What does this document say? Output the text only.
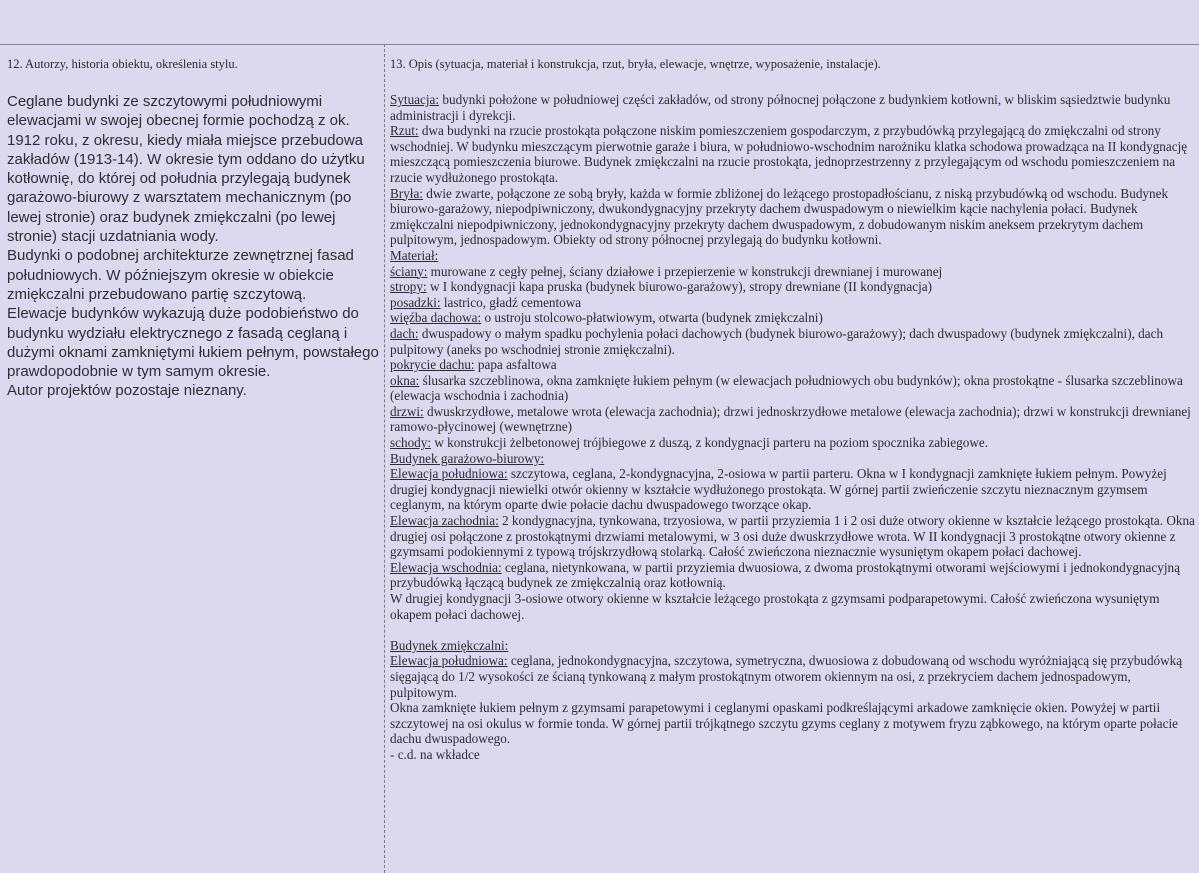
12. Autorzy, historia obiektu, określenia stylu.

Ceglane budynki ze szczytowymi południowymi elewacjami w swojej obecnej formie pochodzą z ok. 1912 roku, z okresu, kiedy miała miejsce przebudowa zakładów (1913-14). W okresie tym oddano do użytku kotłownię, do której od południa przylegają budynek garażowo-biurowy z warsztatem mechanicznym (po lewej stronie) oraz budynek zmiękczalni (po lewej stronie) stacji uzdatniania wody.

Budynki o podobnej architekturze zewnętrznej fasad południowych. W późniejszym okresie w obiekcie zmiękczalni przebudowano partię szczytową.

Elewacje budynków wykazują duże podobieństwo do budynku wydziału elektrycznego z fasadą ceglaną i dużymi oknami zamkniętymi łukiem pełnym, powstałego prawdopodobnie w tym samym okresie.

Autor projektów pozostaje nieznany.

13. Opis (sytuacja, materiał i konstrukcja, rzut, bryła, elewacje, wnętrze, wyposażenie, instalacje).

Sytuacja: budynki położone w południowej części zakładów, od strony północnej połączone z budynkiem kotłowni, w bliskim sąsiedztwie budynku administracji i dyrekcji.

Rzut: dwa budynki na rzucie prostokąta połączone niskim pomieszczeniem gospodarczym, z przybudówką przylegającą do zmiękczalni od strony wschodniej. W budynku mieszczącym pierwotnie garaże i biura, w południowo-wschodnim narożniku klatka schodowa prowadząca na II kondygnację mieszczącą pomieszczenia biurowe. Budynek zmiękczalni na rzucie prostokąta, jednoprzestrzenny z przylegającym od wschodu pomieszczeniem na rzucie wydłużonego prostokąta.

Bryła: dwie zwarte, połączone ze sobą bryły, każda w formie zbliżonej do leżącego prostopadłościanu, z niską przybudówką od wschodu. Budynek biurowo-garażowy, niepodpiwniczony, dwukondygnacyjny przekryty dachem dwuspadowym o niewielkim kącie nachylenia połaci. Budynek zmiękczalni niepodpiwniczony, jednokondygnacyjny przekryty dachem dwuspadowym, z dobudowanym niskim aneksem przekrytym dachem pulpitowym, jednospadowym. Obiekty od strony północnej przylegają do budynku kotłowni.

Materiał:

ściany: murowane z cegły pełnej, ściany działowe i przepierzenie w konstrukcji drewnianej i murowanej

stropy: w I kondygnacji kapa pruska (budynek biurowo-garażowy), stropy drewniane (II kondygnacja)

posadzki: lastrico, gładź cementowa

więźba dachowa: o ustroju stolcowo-płatwiowym, otwarta (budynek zmiękczalni)

dach: dwuspadowy o małym spadku pochylenia połaci dachowych (budynek biurowo-garażowy); dach dwuspadowy (budynek zmiękczalni), dach pulpitowy (aneks po wschodniej stronie zmiękczalni).

pokrycie dachu: papa asfaltowa

okna: ślusarka szczeblinowa, okna zamknięte łukiem pełnym (w elewacjach południowych obu budynków); okna prostokątne - ślusarka szczeblinowa (elewacja wschodnia i zachodnia)

drzwi: dwuskrzydłowe, metalowe wrota (elewacja zachodnia); drzwi jednoskrzydłowe metalowe (elewacja zachodnia); drzwi w konstrukcji drewnianej ramowo-płycinowej (wewnętrzne)

schody: w konstrukcji żelbetonowej trójbiegowe z duszą, z kondygnacji parteru na poziom spocznika zabiegowe.

Budynek garażowo-biurowy:

Elewacja południowa: szczytowa, ceglana, 2-kondygnacyjna, 2-osiowa w partii parteru. Okna w I kondygnacji zamknięte łukiem pełnym. Powyżej drugiej kondygnacji niewielki otwór okienny w kształcie wydłużonego prostokąta. W górnej partii zwieńczenie szczytu nieznacznym gzymsem ceglanym, na którym oparte dwie połacie dachu dwuspadowego tworzące okap.

Elewacja zachodnia: 2 kondygnacyjna, tynkowana, trzyosiowa, w partii przyziemia 1 i 2 osi duże otwory okienne w kształcie leżącego prostokąta. Okna drugiej osi połączone z prostokątnymi drzwiami metalowymi, w 3 osi duże dwuskrzydłowe wrota. W II kondygnacji 3 prostokątne otwory okienne z gzymsami podokiennymi z typową trójskrzydłową stolarką. Całość zwieńczona nieznacznie wysuniętym okapem połaci dachowej.

Elewacja wschodnia: ceglana, nietynkowana, w partii przyziemia dwuosiowa, z dwoma prostokątnymi otworami wejściowymi i jednokondygnacyjną przybudówką łączącą budynek ze zmiękczalnią oraz kotłownią.

W drugiej kondygnacji 3-osiowe otwory okienne w kształcie leżącego prostokąta z gzymsami podparapetowymi. Całość zwieńczona wysuniętym okapem połaci dachowej.

Budynek zmiękczalni:

Elewacja południowa: ceglana, jednokondygnacyjna, szczytowa, symetryczna, dwuosiowa z dobudowaną od wschodu wyróżniającą się przybudówką sięgającą do 1/2 wysokości ze ścianą tynkowaną z małym prostokątnym otworem okiennym na osi, z przekryciem dachem jednospadowym, pulpitowym.

Okna zamknięte łukiem pełnym z gzymsami parapetowymi i ceglanymi opaskami podkreślającymi arkadowe zamknięcie okien. Powyżej w partii szczytowej na osi okulus w formie tonda. W górnej partii trójkątnego szczytu gzyms ceglany z motywem fryzu ząbkowego, na którym oparte połacie dachu dwuspadowego.

- c.d. na wkładce
